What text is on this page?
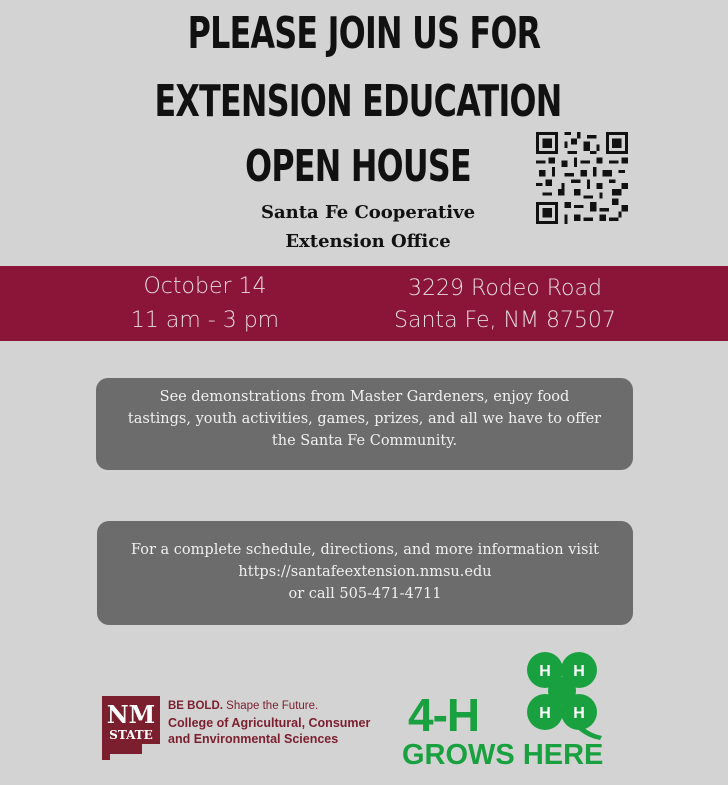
PLEASE JOIN US FOR
EXTENSION EDUCATION
OPEN HOUSE
Santa Fe Cooperative
Extension Office
October 14
11 am - 3 pm
3229 Rodeo Road
Santa Fe, NM 87507
See demonstrations from Master Gardeners, enjoy food
tastings, youth activities, games, prizes, and all we have to offer
the Santa Fe Community.
For a complete schedule, directions, and more information visit
https://santafeextension.nmsu.edu
or call 505-471-4711
NM
STATE
BE BOLD. Shape the Future.
College of Agricultural, Consumer
and Environmental Sciences 4-H
GROWS HERE
H H
H H
